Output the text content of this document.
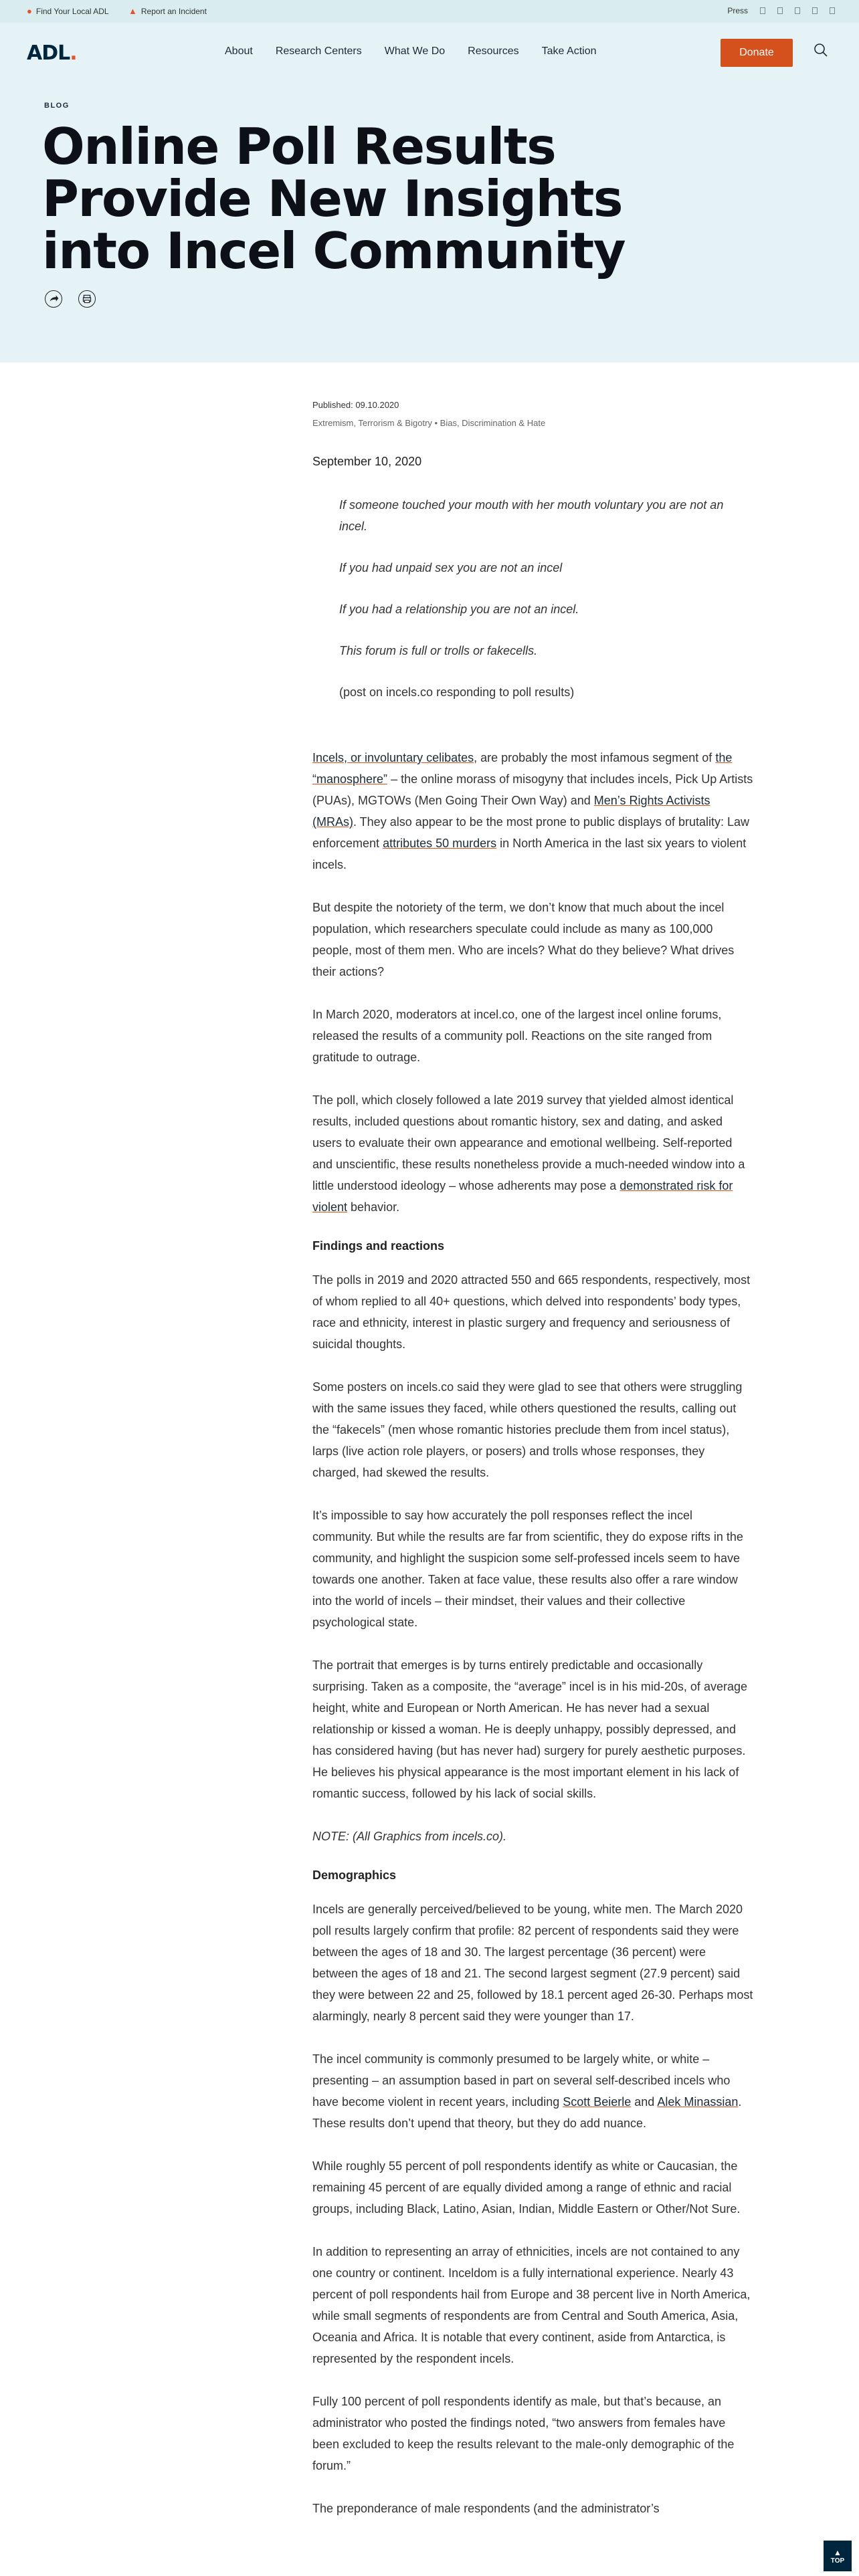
● Find Your Local ADL ▲ Report an Incident	Press
ADL.	About Research Centers What We Do Resources Take Action	Donate
BLOG
Online Poll Results Provide New Insights into Incel Community

Published: 09.10.2020

Extremism, Terrorism & Bigotry • Bias, Discrimination & Hate

September 10, 2020

If someone touched your mouth with her mouth voluntary you are not an incel.

If you had unpaid sex you are not an incel

If you had a relationship you are not an incel.

This forum is full or trolls or fakecells.

(post on incels.co responding to poll results)

Incels, or involuntary celibates, are probably the most infamous segment of the “manosphere” – the online morass of misogyny that includes incels, Pick Up Artists (PUAs), MGTOWs (Men Going Their Own Way) and Men’s Rights Activists (MRAs). They also appear to be the most prone to public displays of brutality: Law enforcement attributes 50 murders in North America in the last six years to violent incels.

But despite the notoriety of the term, we don’t know that much about the incel population, which researchers speculate could include as many as 100,000 people, most of them men. Who are incels? What do they believe? What drives their actions?

In March 2020, moderators at incel.co, one of the largest incel online forums, released the results of a community poll. Reactions on the site ranged from gratitude to outrage.

The poll, which closely followed a late 2019 survey that yielded almost identical results, included questions about romantic history, sex and dating, and asked users to evaluate their own appearance and emotional wellbeing. Self-reported and unscientific, these results nonetheless provide a much-needed window into a little understood ideology – whose adherents may pose a demonstrated risk for violent behavior.

Findings and reactions

The polls in 2019 and 2020 attracted 550 and 665 respondents, respectively, most of whom replied to all 40+ questions, which delved into respondents’ body types, race and ethnicity, interest in plastic surgery and frequency and seriousness of suicidal thoughts.

Some posters on incels.co said they were glad to see that others were struggling with the same issues they faced, while others questioned the results, calling out the “fakecels” (men whose romantic histories preclude them from incel status), larps (live action role players, or posers) and trolls whose responses, they charged, had skewed the results.

It’s impossible to say how accurately the poll responses reflect the incel community. But while the results are far from scientific, they do expose rifts in the community, and highlight the suspicion some self-professed incels seem to have towards one another. Taken at face value, these results also offer a rare window into the world of incels – their mindset, their values and their collective psychological state.

The portrait that emerges is by turns entirely predictable and occasionally surprising. Taken as a composite, the “average” incel is in his mid-20s, of average height, white and European or North American. He has never had a sexual relationship or kissed a woman. He is deeply unhappy, possibly depressed, and has considered having (but has never had) surgery for purely aesthetic purposes. He believes his physical appearance is the most important element in his lack of romantic success, followed by his lack of social skills.

NOTE: (All Graphics from incels.co).

Demographics

Incels are generally perceived/believed to be young, white men. The March 2020 poll results largely confirm that profile: 82 percent of respondents said they were between the ages of 18 and 30. The largest percentage (36 percent) were between the ages of 18 and 21. The second largest segment (27.9 percent) said they were between 22 and 25, followed by 18.1 percent aged 26-30. Perhaps most alarmingly, nearly 8 percent said they were younger than 17.

The incel community is commonly presumed to be largely white, or white – presenting – an assumption based in part on several self-described incels who have become violent in recent years, including Scott Beierle and Alek Minassian. These results don’t upend that theory, but they do add nuance.

While roughly 55 percent of poll respondents identify as white or Caucasian, the remaining 45 percent of are equally divided among a range of ethnic and racial groups, including Black, Latino, Asian, Indian, Middle Eastern or Other/Not Sure.

In addition to representing an array of ethnicities, incels are not contained to any one country or continent. Inceldom is a fully international experience. Nearly 43 percent of poll respondents hail from Europe and 38 percent live in North America, while small segments of respondents are from Central and South America, Asia, Oceania and Africa. It is notable that every continent, aside from Antarctica, is represented by the respondent incels.

Fully 100 percent of poll respondents identify as male, but that’s because, an administrator who posted the findings noted, “two answers from females have been excluded to keep the results relevant to the male-only demographic of the forum.”

The preponderance of male respondents (and the administrator’s

▲
TOP
